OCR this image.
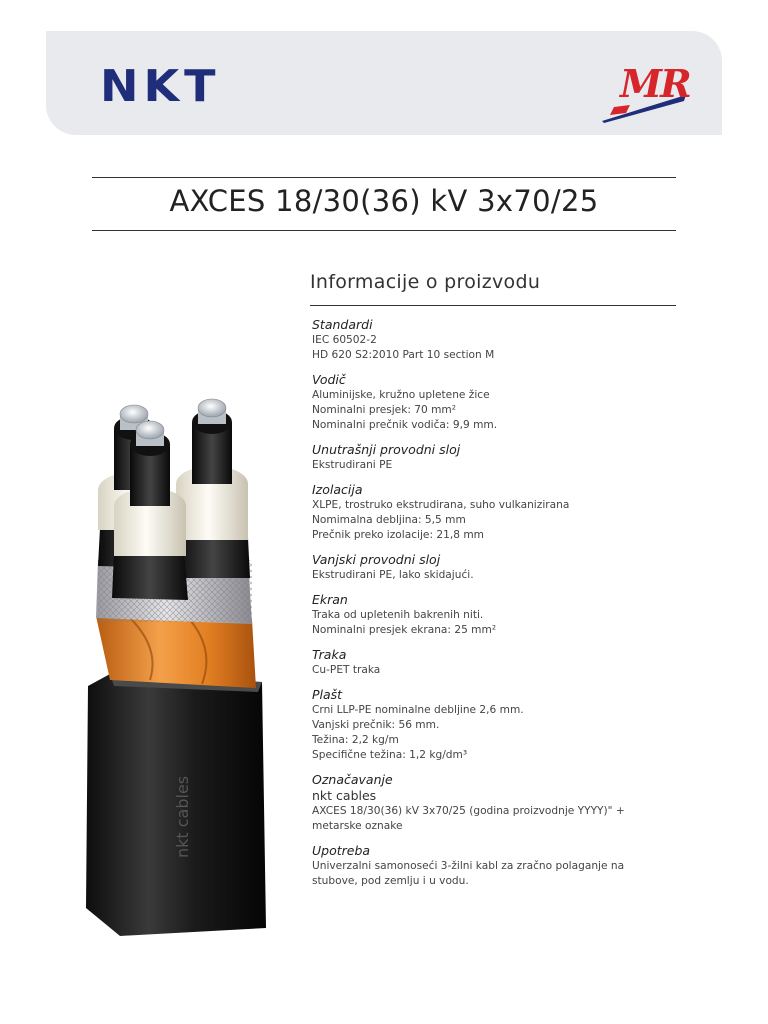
NKT	MR
AXCES 18/30(36) kV 3x70/25
Informacije o proizvodu
Standardi
IEC 60502-2
HD 620 S2:2010 Part 10 section M
Vodič
Aluminijske, kružno upletene žice
Nominalni presjek: 70 mm²
Nominalni prečnik vodiča: 9,9 mm.
Unutrašnji provodni sloj
Ekstrudirani PE
Izolacija
XLPE, trostruko ekstrudirana, suho vulkanizirana
Nomimalna debljina: 5,5 mm
Prečnik preko izolacije: 21,8 mm
Vanjski provodni sloj
Ekstrudirani PE, lako skidajući.
Ekran
Traka od upletenih bakrenih niti.
Nominalni presjek ekrana: 25 mm²
Traka
Cu-PET traka
Plašt
Crni LLP-PE nominalne debljine 2,6 mm.
Vanjski prečnik: 56 mm.
Težina: 2,2 kg/m
Specifične težina: 1,2 kg/dm³
Označavanje
nkt cables
AXCES 18/30(36) kV 3x70/25 (godina proizvodnje YYYY)" +
metarske oznake
Upotreba
Univerzalni samonoseći 3-žilni kabl za zračno polaganje na
stubove, pod zemlju i u vodu.
nkt cables
